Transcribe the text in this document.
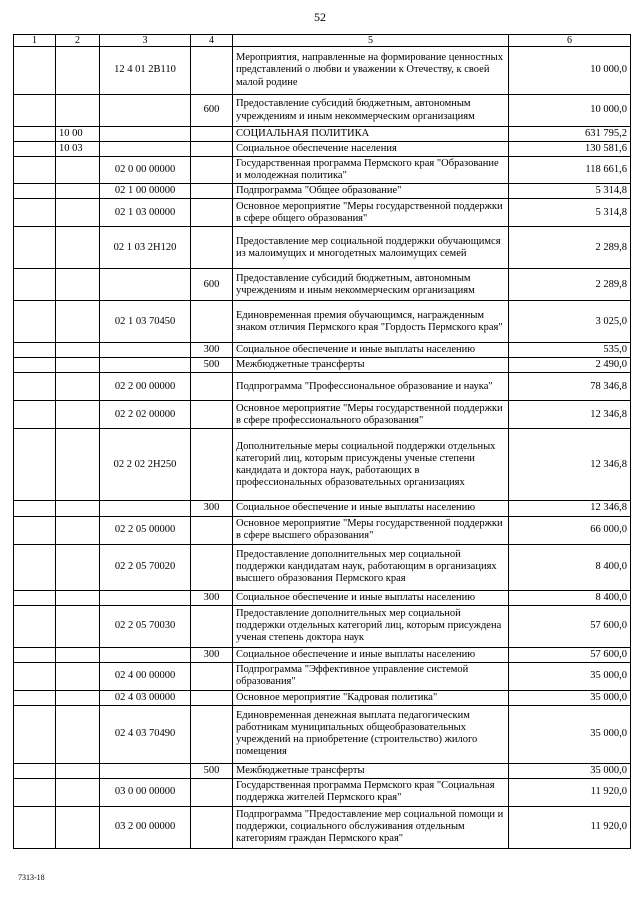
52
1	2	3	4	5	6
		12 4 01 2B110		Мероприятия, направленные на формирование ценностных представлений о любви и уважении к Отечеству, к своей малой родине	10 000,0
			600	Предоставление субсидий бюджетным, автономным учреждениям и иным некоммерческим организациям	10 000,0
	10 00			СОЦИАЛЬНАЯ ПОЛИТИКА	631 795,2
	10 03			Социальное обеспечение населения	130 581,6
		02 0 00 00000		Государственная программа Пермского края "Образование и молодежная политика"	118 661,6
		02 1 00 00000		Подпрограмма "Общее образование"	5 314,8
		02 1 03 00000		Основное мероприятие "Меры государственной поддержки в сфере общего образования"	5 314,8
		02 1 03 2Н120		Предоставление мер социальной поддержки обучающимся из малоимущих и многодетных малоимущих семей	2 289,8
			600	Предоставление субсидий бюджетным, автономным учреждениям и иным некоммерческим организациям	2 289,8
		02 1 03 70450		Единовременная премия обучающимся, награжденным знаком отличия Пермского края "Гордость Пермского края"	3 025,0
			300	Социальное обеспечение и иные выплаты населению	535,0
			500	Межбюджетные трансферты	2 490,0
		02 2 00 00000		Подпрограмма "Профессиональное образование и наука"	78 346,8
		02 2 02 00000		Основное мероприятие "Меры государственной поддержки в сфере профессионального образования"	12 346,8
		02 2 02 2Н250		Дополнительные меры социальной поддержки отдельных категорий лиц, которым присуждены ученые степени кандидата и доктора наук, работающих в профессиональных образовательных организациях	12 346,8
			300	Социальное обеспечение и иные выплаты населению	12 346,8
		02 2 05 00000		Основное мероприятие "Меры государственной поддержки в сфере высшего образования"	66 000,0
		02 2 05 70020		Предоставление дополнительных мер социальной поддержки кандидатам наук, работающим в организациях высшего образования Пермского края	8 400,0
			300	Социальное обеспечение и иные выплаты населению	8 400,0
		02 2 05 70030		Предоставление дополнительных мер социальной поддержки отдельных категорий лиц, которым присуждена ученая степень доктора наук	57 600,0
			300	Социальное обеспечение и иные выплаты населению	57 600,0
		02 4 00 00000		Подпрограмма "Эффективное управление системой образования"	35 000,0
		02 4 03 00000		Основное мероприятие "Кадровая политика"	35 000,0
		02 4 03 70490		Единовременная денежная выплата педагогическим работникам муниципальных общеобразовательных учреждений на приобретение (строительство) жилого помещения	35 000,0
			500	Межбюджетные трансферты	35 000,0
		03 0 00 00000		Государственная программа Пермского края "Социальная поддержка жителей Пермского края"	11 920,0
		03 2 00 00000		Подпрограмма "Предоставление мер социальной помощи и поддержки, социального обслуживания отдельным категориям граждан Пермского края"	11 920,0
7313-18
